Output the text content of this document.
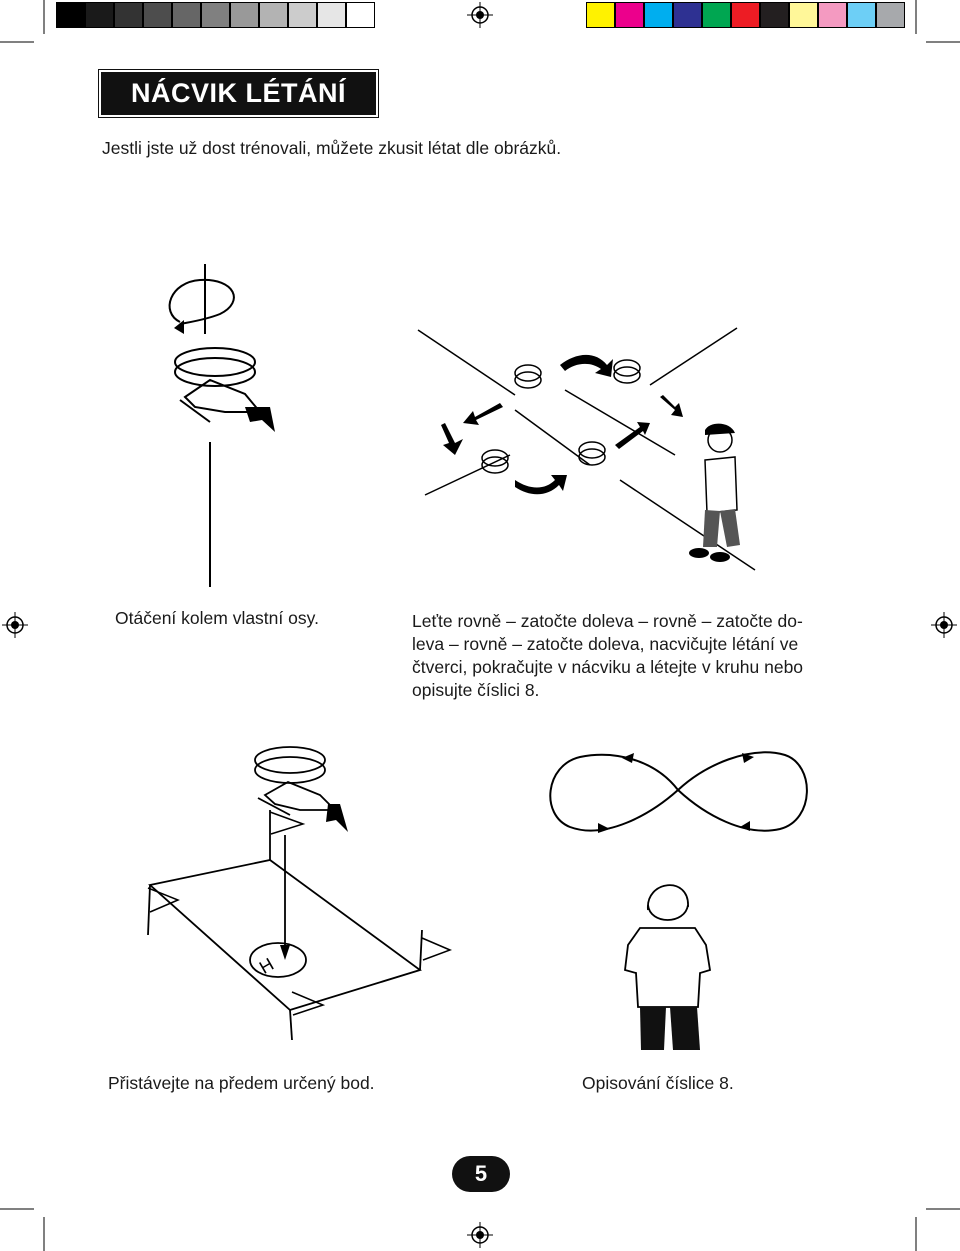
NÁCVIK LÉTÁNÍ
Jestli jste už dost trénovali, můžete zkusit létat dle obrázků.
Otáčení kolem vlastní osy.	Leťte rovně – zatočte doleva – rovně – zatočte do-
leva – rovně – zatočte doleva, nacvičujte létání ve
čtverci, pokračujte v nácviku a létejte v kruhu nebo
opisujte číslici 8.
H
Přistávejte na předem určený bod.	Opisování číslice 8.
5
